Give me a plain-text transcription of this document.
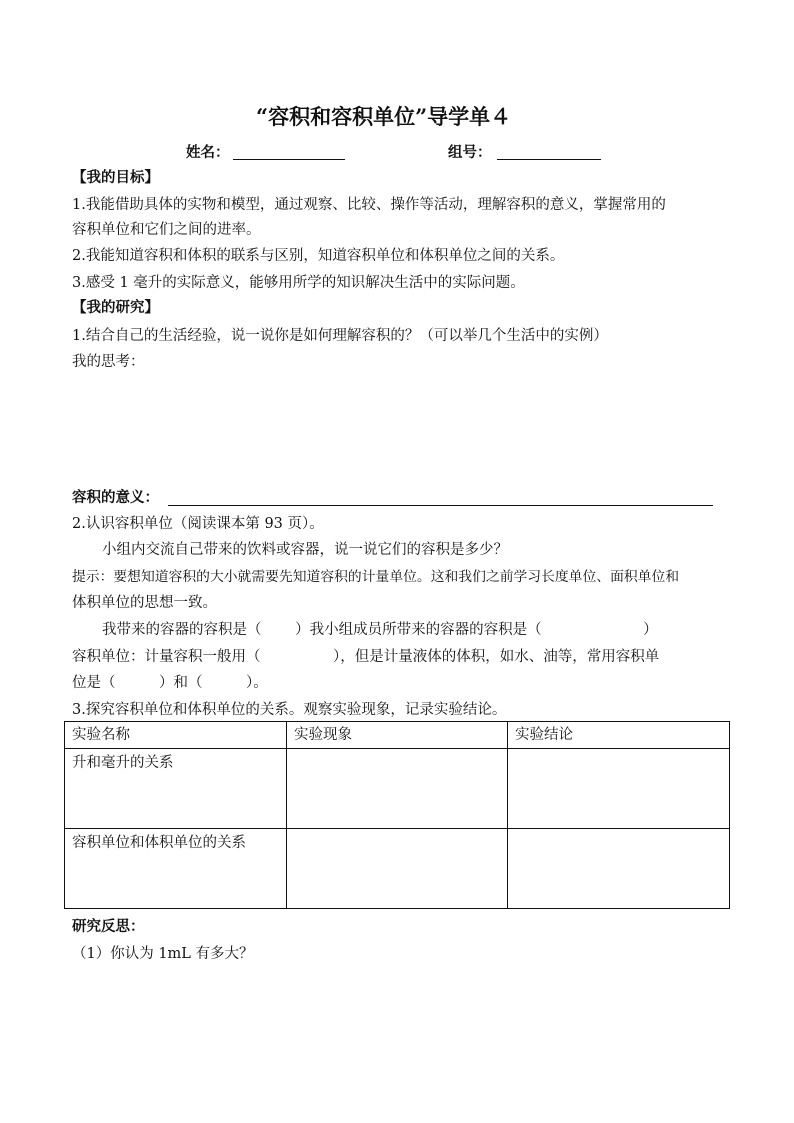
“容积和容积单位”导学单４
姓名：	组号：
【我的目标】
1.我能借助具体的实物和模型，通过观察、比较、操作等活动，理解容积的意义，掌握常用的
容积单位和它们之间的进率。
2.我能知道容积和体积的联系与区别，知道容积单位和体积单位之间的关系。
3.感受 1 毫升的实际意义，能够用所学的知识解决生活中的实际问题。
【我的研究】
1.结合自己的生活经验，说一说你是如何理解容积的？（可以举几个生活中的实例）
我的思考：
容积的意义：
2.认识容积单位（阅读课本第 93 页）。
小组内交流自己带来的饮料或容器，说一说它们的容积是多少？
提示：要想知道容积的大小就需要先知道容积的计量单位。这和我们之前学习长度单位、面积单位和
体积单位的思想一致。
我带来的容器的容积是（　　 ）我小组成员所带来的容器的容积是（　　　　　　　）
容积单位：计量容积一般用（　　　　　），但是计量液体的体积，如水、油等，常用容积单
位是（　　　）和（　　　）。
3.探究容积单位和体积单位的关系。观察实验现象，记录实验结论。
实验名称	实验现象	实验结论
升和毫升的关系		
容积单位和体积单位的关系		
研究反思：
（1）你认为 1mL 有多大？
